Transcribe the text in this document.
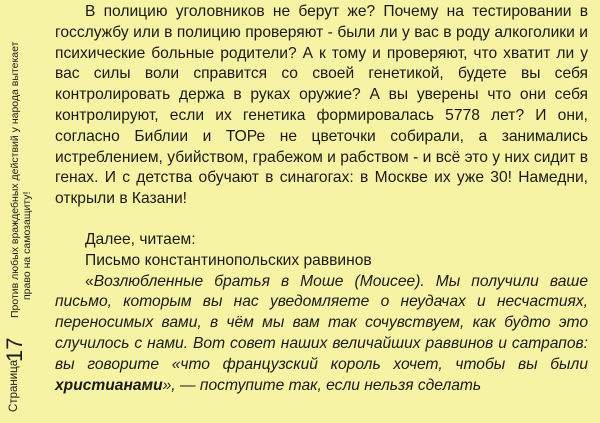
Страница
17
Против любых враждебных действий у народа вытекает право на самозащиту!

В полицию уголовников не берут же? Почему на тестировании в госслужбу или в полицию проверяют - были ли у вас в роду алкоголики и психические больные родители? А к тому и проверяют, что хватит ли у вас силы воли справится со своей генетикой, будете вы себя контролировать держа в руках оружие? А вы уверены что они себя контролируют, если их генетика формировалась 5778 лет? И они, согласно Библии и ТОРе не цветочки собирали, а занимались истреблением, убийством, грабежом и рабством - и всё это у них сидит в генах. И с детства обучают в синагогах: в Москве их уже 30! Намедни, открыли в Казани!

Далее, читаем:

Письмо константинопольских раввинов

«Возлюбленные братья в Моше (Моисее). Мы получили ваше письмо, которым вы нас уведомляете о неудачах и несчастиях, переносимых вами, в чём мы вам так сочувствуем, как будто это случилось с нами. Вот совет наших величайших раввинов и сатрапов: вы говорите «что французский король хочет, чтобы вы были христианами», — поступите так, если нельзя сделать
